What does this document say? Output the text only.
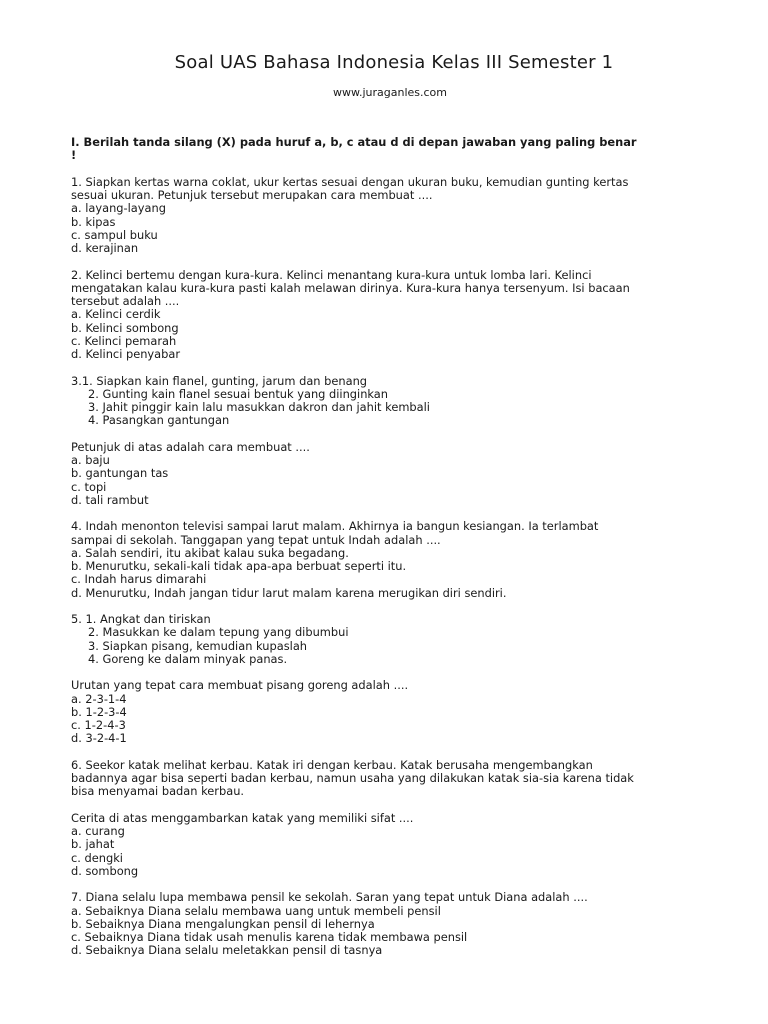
Soal UAS Bahasa Indonesia Kelas III Semester 1
www.juraganles.com
I. Berilah tanda silang (X) pada huruf a, b, c atau d di depan jawaban yang paling benar
!
1. Siapkan kertas warna coklat, ukur kertas sesuai dengan ukuran buku, kemudian gunting kertas
sesuai ukuran. Petunjuk tersebut merupakan cara membuat ....
a. layang-layang
b. kipas
c. sampul buku
d. kerajinan
2. Kelinci bertemu dengan kura-kura. Kelinci menantang kura-kura untuk lomba lari. Kelinci
mengatakan kalau kura-kura pasti kalah melawan dirinya. Kura-kura hanya tersenyum. Isi bacaan
tersebut adalah ....
a. Kelinci cerdik
b. Kelinci sombong
c. Kelinci pemarah
d. Kelinci penyabar
3.1. Siapkan kain flanel, gunting, jarum dan benang
2. Gunting kain flanel sesuai bentuk yang diinginkan
3. Jahit pinggir kain lalu masukkan dakron dan jahit kembali
4. Pasangkan gantungan
Petunjuk di atas adalah cara membuat ....
a. baju
b. gantungan tas
c. topi
d. tali rambut
4. Indah menonton televisi sampai larut malam. Akhirnya ia bangun kesiangan. Ia terlambat
sampai di sekolah. Tanggapan yang tepat untuk Indah adalah ....
a. Salah sendiri, itu akibat kalau suka begadang.
b. Menurutku, sekali-kali tidak apa-apa berbuat seperti itu.
c. Indah harus dimarahi
d. Menurutku, Indah jangan tidur larut malam karena merugikan diri sendiri.
5. 1. Angkat dan tiriskan
2. Masukkan ke dalam tepung yang dibumbui
3. Siapkan pisang, kemudian kupaslah
4. Goreng ke dalam minyak panas.
Urutan yang tepat cara membuat pisang goreng adalah ....
a. 2-3-1-4
b. 1-2-3-4
c. 1-2-4-3
d. 3-2-4-1
6. Seekor katak melihat kerbau. Katak iri dengan kerbau. Katak berusaha mengembangkan
badannya agar bisa seperti badan kerbau, namun usaha yang dilakukan katak sia-sia karena tidak
bisa menyamai badan kerbau.
Cerita di atas menggambarkan katak yang memiliki sifat ....
a. curang
b. jahat
c. dengki
d. sombong
7. Diana selalu lupa membawa pensil ke sekolah. Saran yang tepat untuk Diana adalah ....
a. Sebaiknya Diana selalu membawa uang untuk membeli pensil
b. Sebaiknya Diana mengalungkan pensil di lehernya
c. Sebaiknya Diana tidak usah menulis karena tidak membawa pensil
d. Sebaiknya Diana selalu meletakkan pensil di tasnya
